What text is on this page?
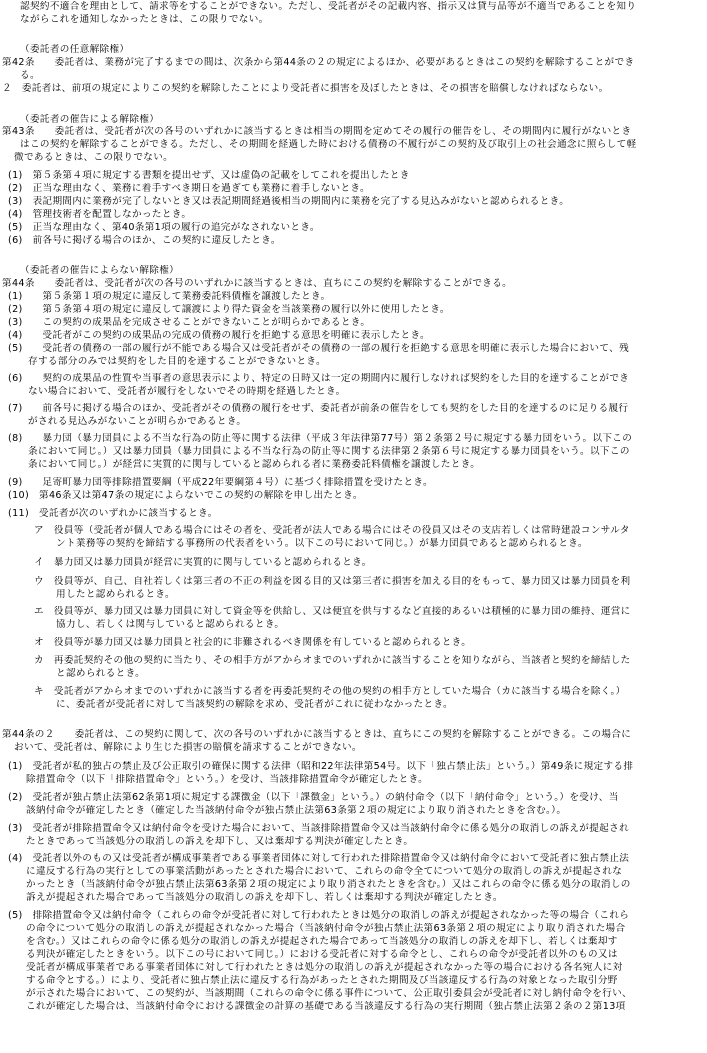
認契約不適合を理由として、請求等をすることができない。ただし、受託者がその記載内容、指示又は貸与品等が不適当であることを知り
ながらこれを通知しなかったときは、この限りでない。
（委託者の任意解除権）
第42条　　委託者は、業務が完了するまでの間は、次条から第44条の２の規定によるほか、必要があるときはこの契約を解除することができ
る。
２　委託者は、前項の規定によりこの契約を解除したことにより受託者に損害を及ぼしたときは、その損害を賠償しなければならない。
（委託者の催告による解除権）
第43条　　委託者は、受託者が次の各号のいずれかに該当するときは相当の期間を定めてその履行の催告をし、その期間内に履行がないとき
はこの契約を解除することができる。ただし、その期間を経過した時における債務の不履行がこの契約及び取引上の社会通念に照らして軽
微であるときは、この限りでない。
(1)　第５条第４項に規定する書類を提出せず、又は虚偽の記載をしてこれを提出したとき
(2)　正当な理由なく、業務に着手すべき期日を過ぎても業務に着手しないとき。
(3)　表記期間内に業務が完了しないとき又は表記期間経過後相当の期間内に業務を完了する見込みがないと認められるとき。
(4)　管理技術者を配置しなかったとき。
(5)　正当な理由なく、第40条第1項の履行の追完がなされないとき。
(6)　前各号に掲げる場合のほか、この契約に違反したとき。
（委託者の催告によらない解除権）
第44条　　委託者は、受託者が次の各号のいずれかに該当するときは、直ちにこの契約を解除することができる。
(1)　　第５条第１項の規定に違反して業務委託料債権を譲渡したとき。
(2)　　第５条第４項の規定に違反して譲渡により得た資金を当該業務の履行以外に使用したとき。
(3)　　この契約の成果品を完成させることができないことが明らかであるとき。
(4)　　受託者がこの契約の成果品の完成の債務の履行を拒絶する意思を明確に表示したとき。
(5)　　受託者の債務の一部の履行が不能である場合又は受託者がその債務の一部の履行を拒絶する意思を明確に表示した場合において、残
存する部分のみでは契約をした目的を達することができないとき。
(6)　　契約の成果品の性質や当事者の意思表示により、特定の日時又は一定の期間内に履行しなければ契約をした目的を達することができ
ない場合において、受託者が履行をしないでその時期を経過したとき。
(7)　　前各号に掲げる場合のほか、受託者がその債務の履行をせず、委託者が前条の催告をしても契約をした目的を達するのに足りる履行
がされる見込みがないことが明らかであるとき。
(8)　　暴力団（暴力団員による不当な行為の防止等に関する法律（平成３年法律第77号）第２条第２号に規定する暴力団をいう。以下この
条において同じ。）又は暴力団員（暴力団員による不当な行為の防止等に関する法律第２条第６号に規定する暴力団員をいう。以下この
条において同じ。）が経営に実質的に関与していると認められる者に業務委託料債権を譲渡したとき。
(9)　　足寄町暴力団等排除措置要綱（平成22年要綱第４号）に基づく排除措置を受けたとき。
(10)　第46条又は第47条の規定によらないでこの契約の解除を申し出たとき。
(11)　受託者が次のいずれかに該当するとき。
ア　役員等（受託者が個人である場合にはその者を、受託者が法人である場合にはその役員又はその支店若しくは常時建設コンサルタ
ント業務等の契約を締結する事務所の代表者をいう。以下この号において同じ。）が暴力団員であると認められるとき。
イ　暴力団又は暴力団員が経営に実質的に関与していると認められるとき。
ウ　役員等が、自己、自社若しくは第三者の不正の利益を図る目的又は第三者に損害を加える目的をもって、暴力団又は暴力団員を利
用したと認められるとき。
エ　役員等が、暴力団又は暴力団員に対して資金等を供給し、又は便宜を供与するなど直接的あるいは積極的に暴力団の維持、運営に
協力し、若しくは関与していると認められるとき。
オ　役員等が暴力団又は暴力団員と社会的に非難されるべき関係を有していると認められるとき。
カ　再委託契約その他の契約に当たり、その相手方がアからオまでのいずれかに該当することを知りながら、当該者と契約を締結した
と認められるとき。
キ　受託者がアからオまでのいずれかに該当する者を再委託契約その他の契約の相手方としていた場合（カに該当する場合を除く。）
に、委託者が受託者に対して当該契約の解除を求め、受託者がこれに従わなかったとき。
第44条の２　　委託者は、この契約に関して、次の各号のいずれかに該当するときは、直ちにこの契約を解除することができる。この場合に
おいて、受託者は、解除により生じた損害の賠償を請求することができない。
(1)　受託者が私的独占の禁止及び公正取引の確保に関する法律（昭和22年法律第54号。以下「独占禁止法」という。）第49条に規定する排
除措置命令（以下「排除措置命令」という。）を受け、当該排除措置命令が確定したとき。
(2)　受託者が独占禁止法第62条第1項に規定する課徴金（以下「課徴金」という。）の納付命令（以下「納付命令」という。）を受け、当
該納付命令が確定したとき（確定した当該納付命令が独占禁止法第63条第２項の規定により取り消されたときを含む。）。
(3)　受託者が排除措置命令又は納付命令を受けた場合において、当該排除措置命令又は当該納付命令に係る処分の取消しの訴えが提起され
たときであって当該処分の取消しの訴えを却下し、又は棄却する判決が確定したとき。
(4)　受託者以外のもの又は受託者が構成事業者である事業者団体に対して行われた排除措置命令又は納付命令において受託者に独占禁止法
に違反する行為の実行としての事業活動があったとされた場合において、これらの命令全てについて処分の取消しの訴えが提起されな
かったとき（当該納付命令が独占禁止法第63条第２項の規定により取り消されたときを含む。）又はこれらの命令に係る処分の取消しの
訴えが提起された場合であって当該処分の取消しの訴えを却下し、若しくは棄却する判決が確定したとき。
(5)　排除措置命令又は納付命令（これらの命令が受託者に対して行われたときは処分の取消しの訴えが提起されなかった等の場合（これら
の命令について処分の取消しの訴えが提起されなかった場合（当該納付命令が独占禁止法第63条第２項の規定により取り消された場合
を含む。）又はこれらの命令に係る処分の取消しの訴えが提起された場合であって当該処分の取消しの訴えを却下し、若しくは棄却す
る判決が確定したときをいう。以下この号において同じ。）における受託者に対する命令とし、これらの命令が受託者以外のもの又は
受託者が構成事業者である事業者団体に対して行われたときは処分の取消しの訴えが提起されなかった等の場合における各名宛人に対
する命令とする。）により、受託者に独占禁止法に違反する行為があったとされた期間及び当該違反する行為の対象となった取引分野
が示された場合において、この契約が、当該期間（これらの命令に係る事件について、公正取引委員会が受託者に対し納付命令を行い、
これが確定した場合は、当該納付命令における課徴金の計算の基礎である当該違反する行為の実行期間（独占禁止法第２条の２第13項
